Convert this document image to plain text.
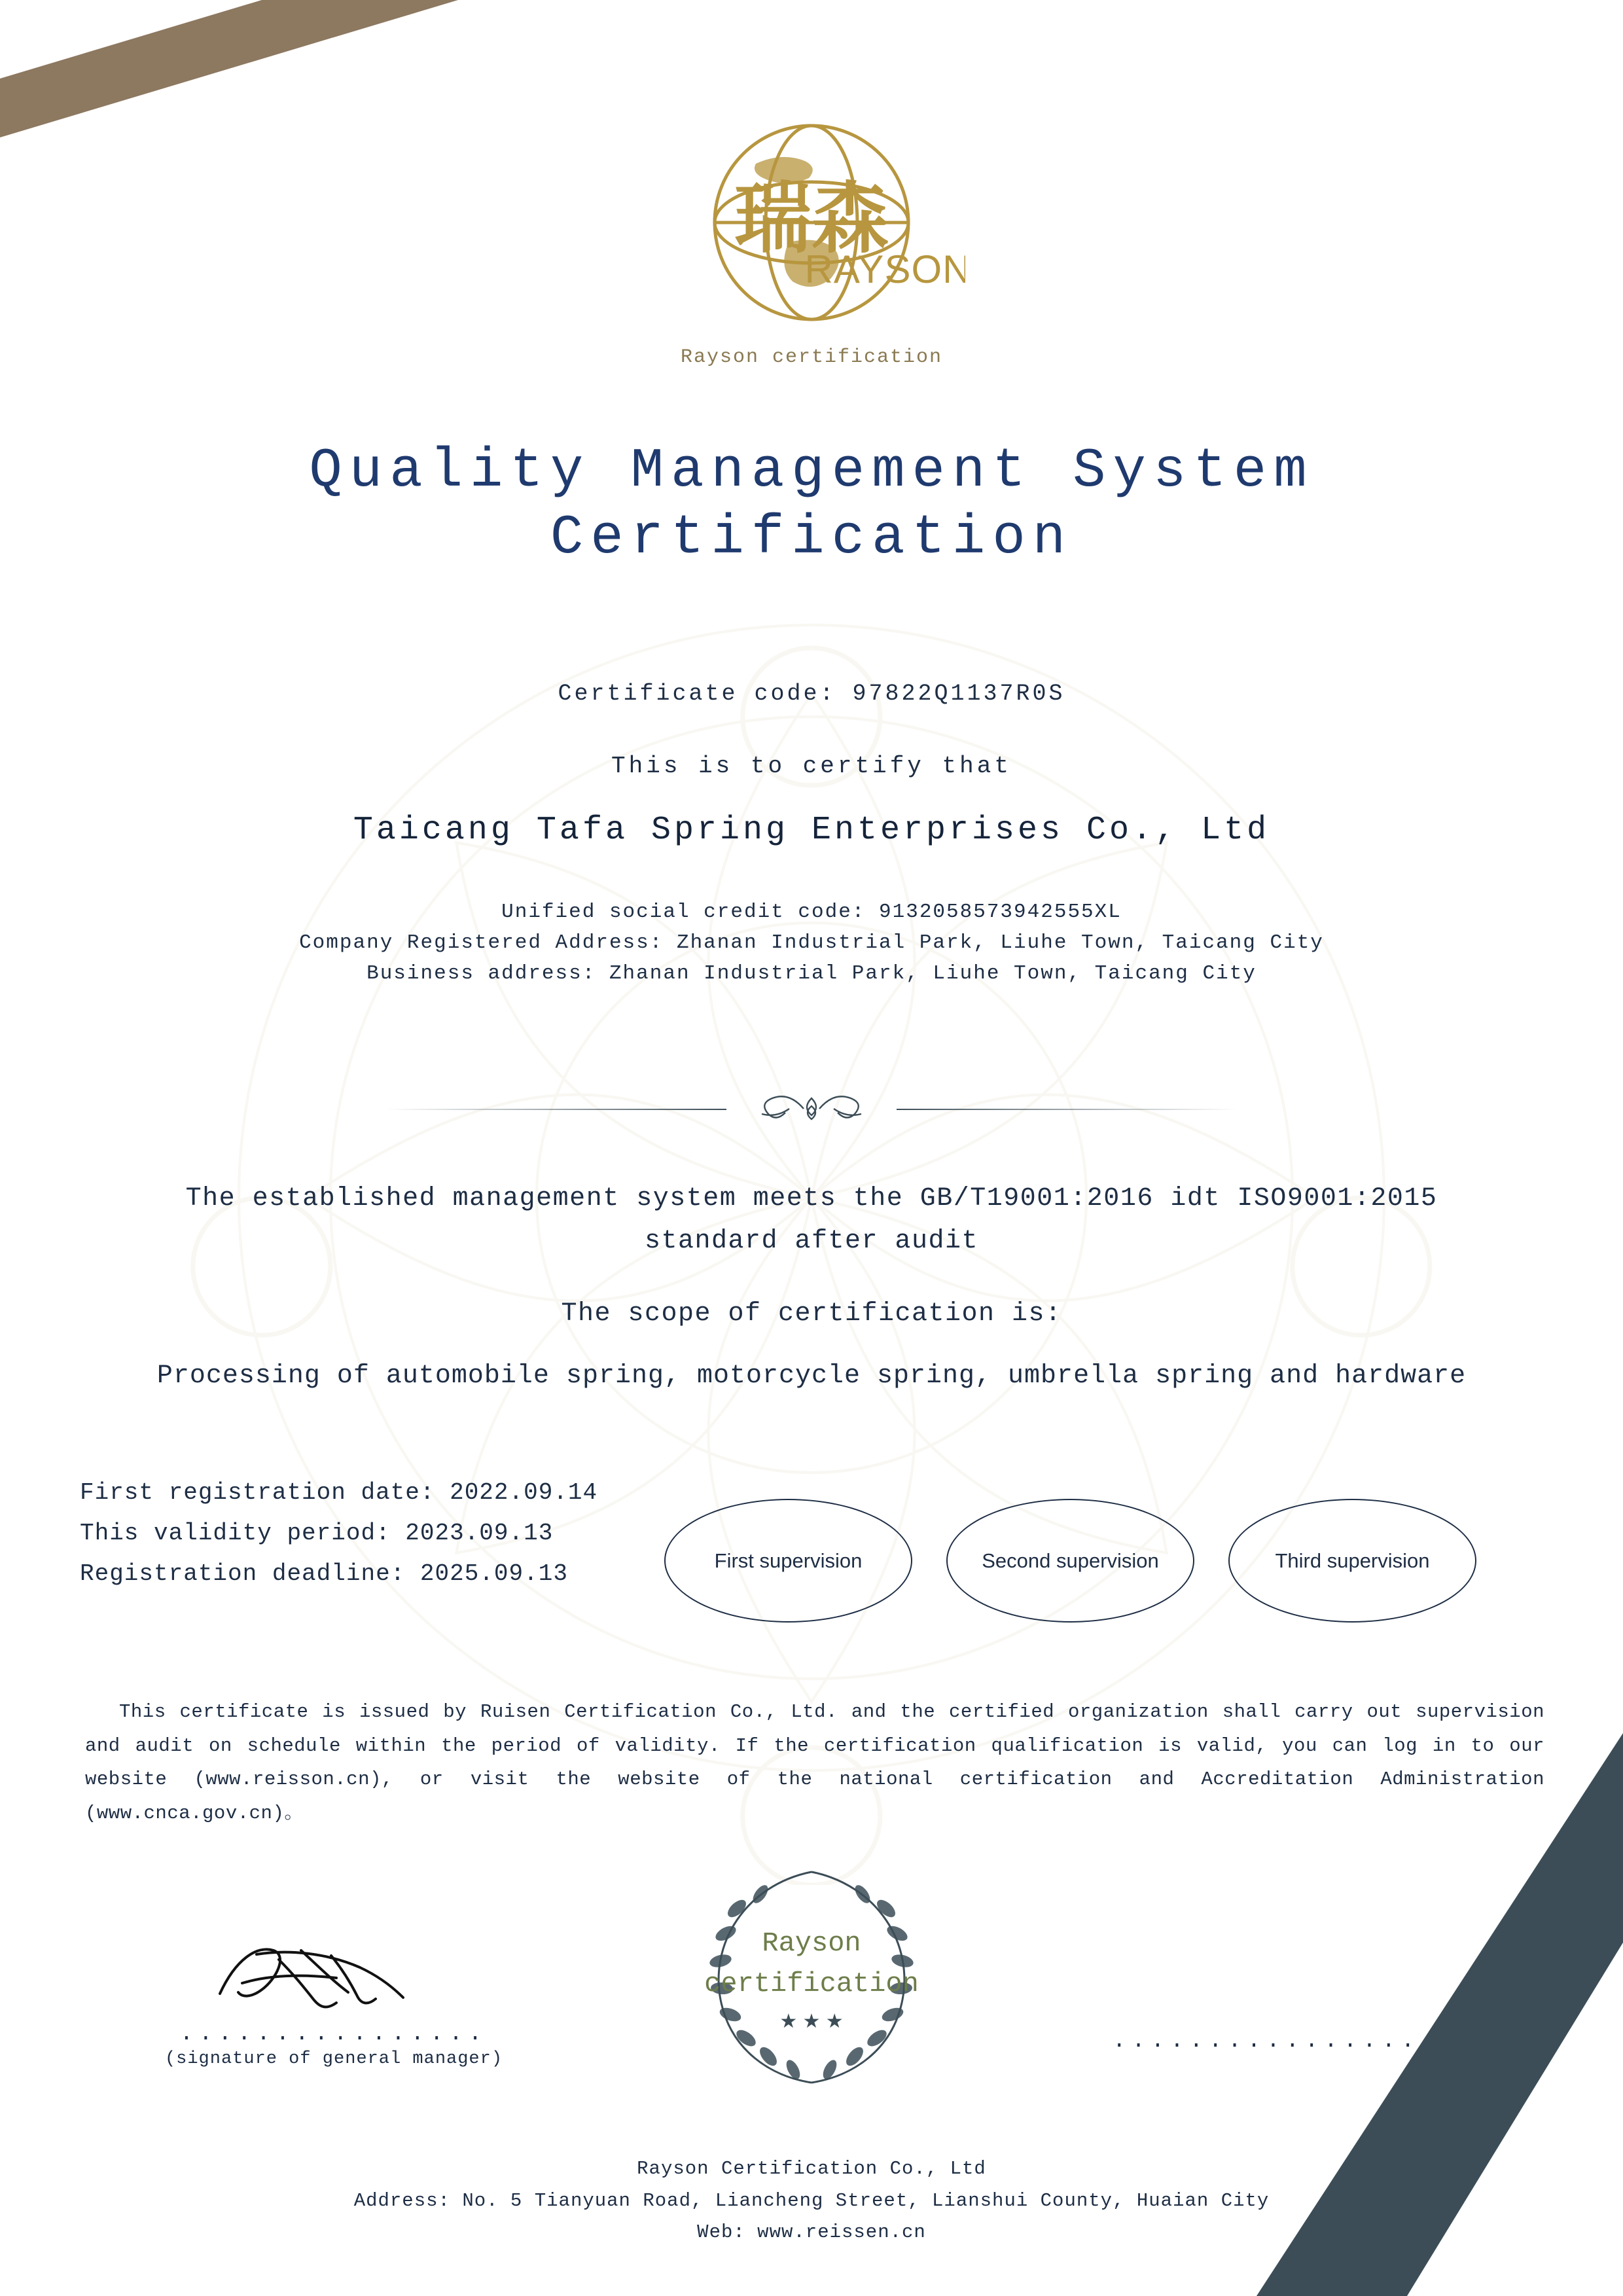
瑞森
RAYSON
Rayson certification
Quality Management System
Certification
Certificate code: 97822Q1137R0S
This is to certify that
Taicang Tafa Spring Enterprises Co., Ltd
Unified social credit code: 9132058573942555XL
Company Registered Address: Zhanan Industrial Park, Liuhe Town, Taicang City
Business address: Zhanan Industrial Park, Liuhe Town, Taicang City
The established management system meets the GB/T19001:2016 idt ISO9001:2015
standard after audit
The scope of certification is:
Processing of automobile spring, motorcycle spring, umbrella spring and hardware
First registration date: 2022.09.14
This validity period: 2023.09.13
Registration deadline: 2025.09.13	First supervision	Second supervision	Third supervision
This certificate is issued by Ruisen Certification Co., Ltd. and the certified organization shall carry out supervision and audit on schedule within the period of validity. If the certification qualification is valid, you can log in to our website (www.reisson.cn), or visit the website of the national certification and Accreditation Administration (www.cnca.gov.cn)。
Rayson
certification
★ ★ ★
................
(signature of general manager)
................
Rayson Certification Co., Ltd
Address: No. 5 Tianyuan Road, Liancheng Street, Lianshui County, Huaian City
Web: www.reissen.cn
